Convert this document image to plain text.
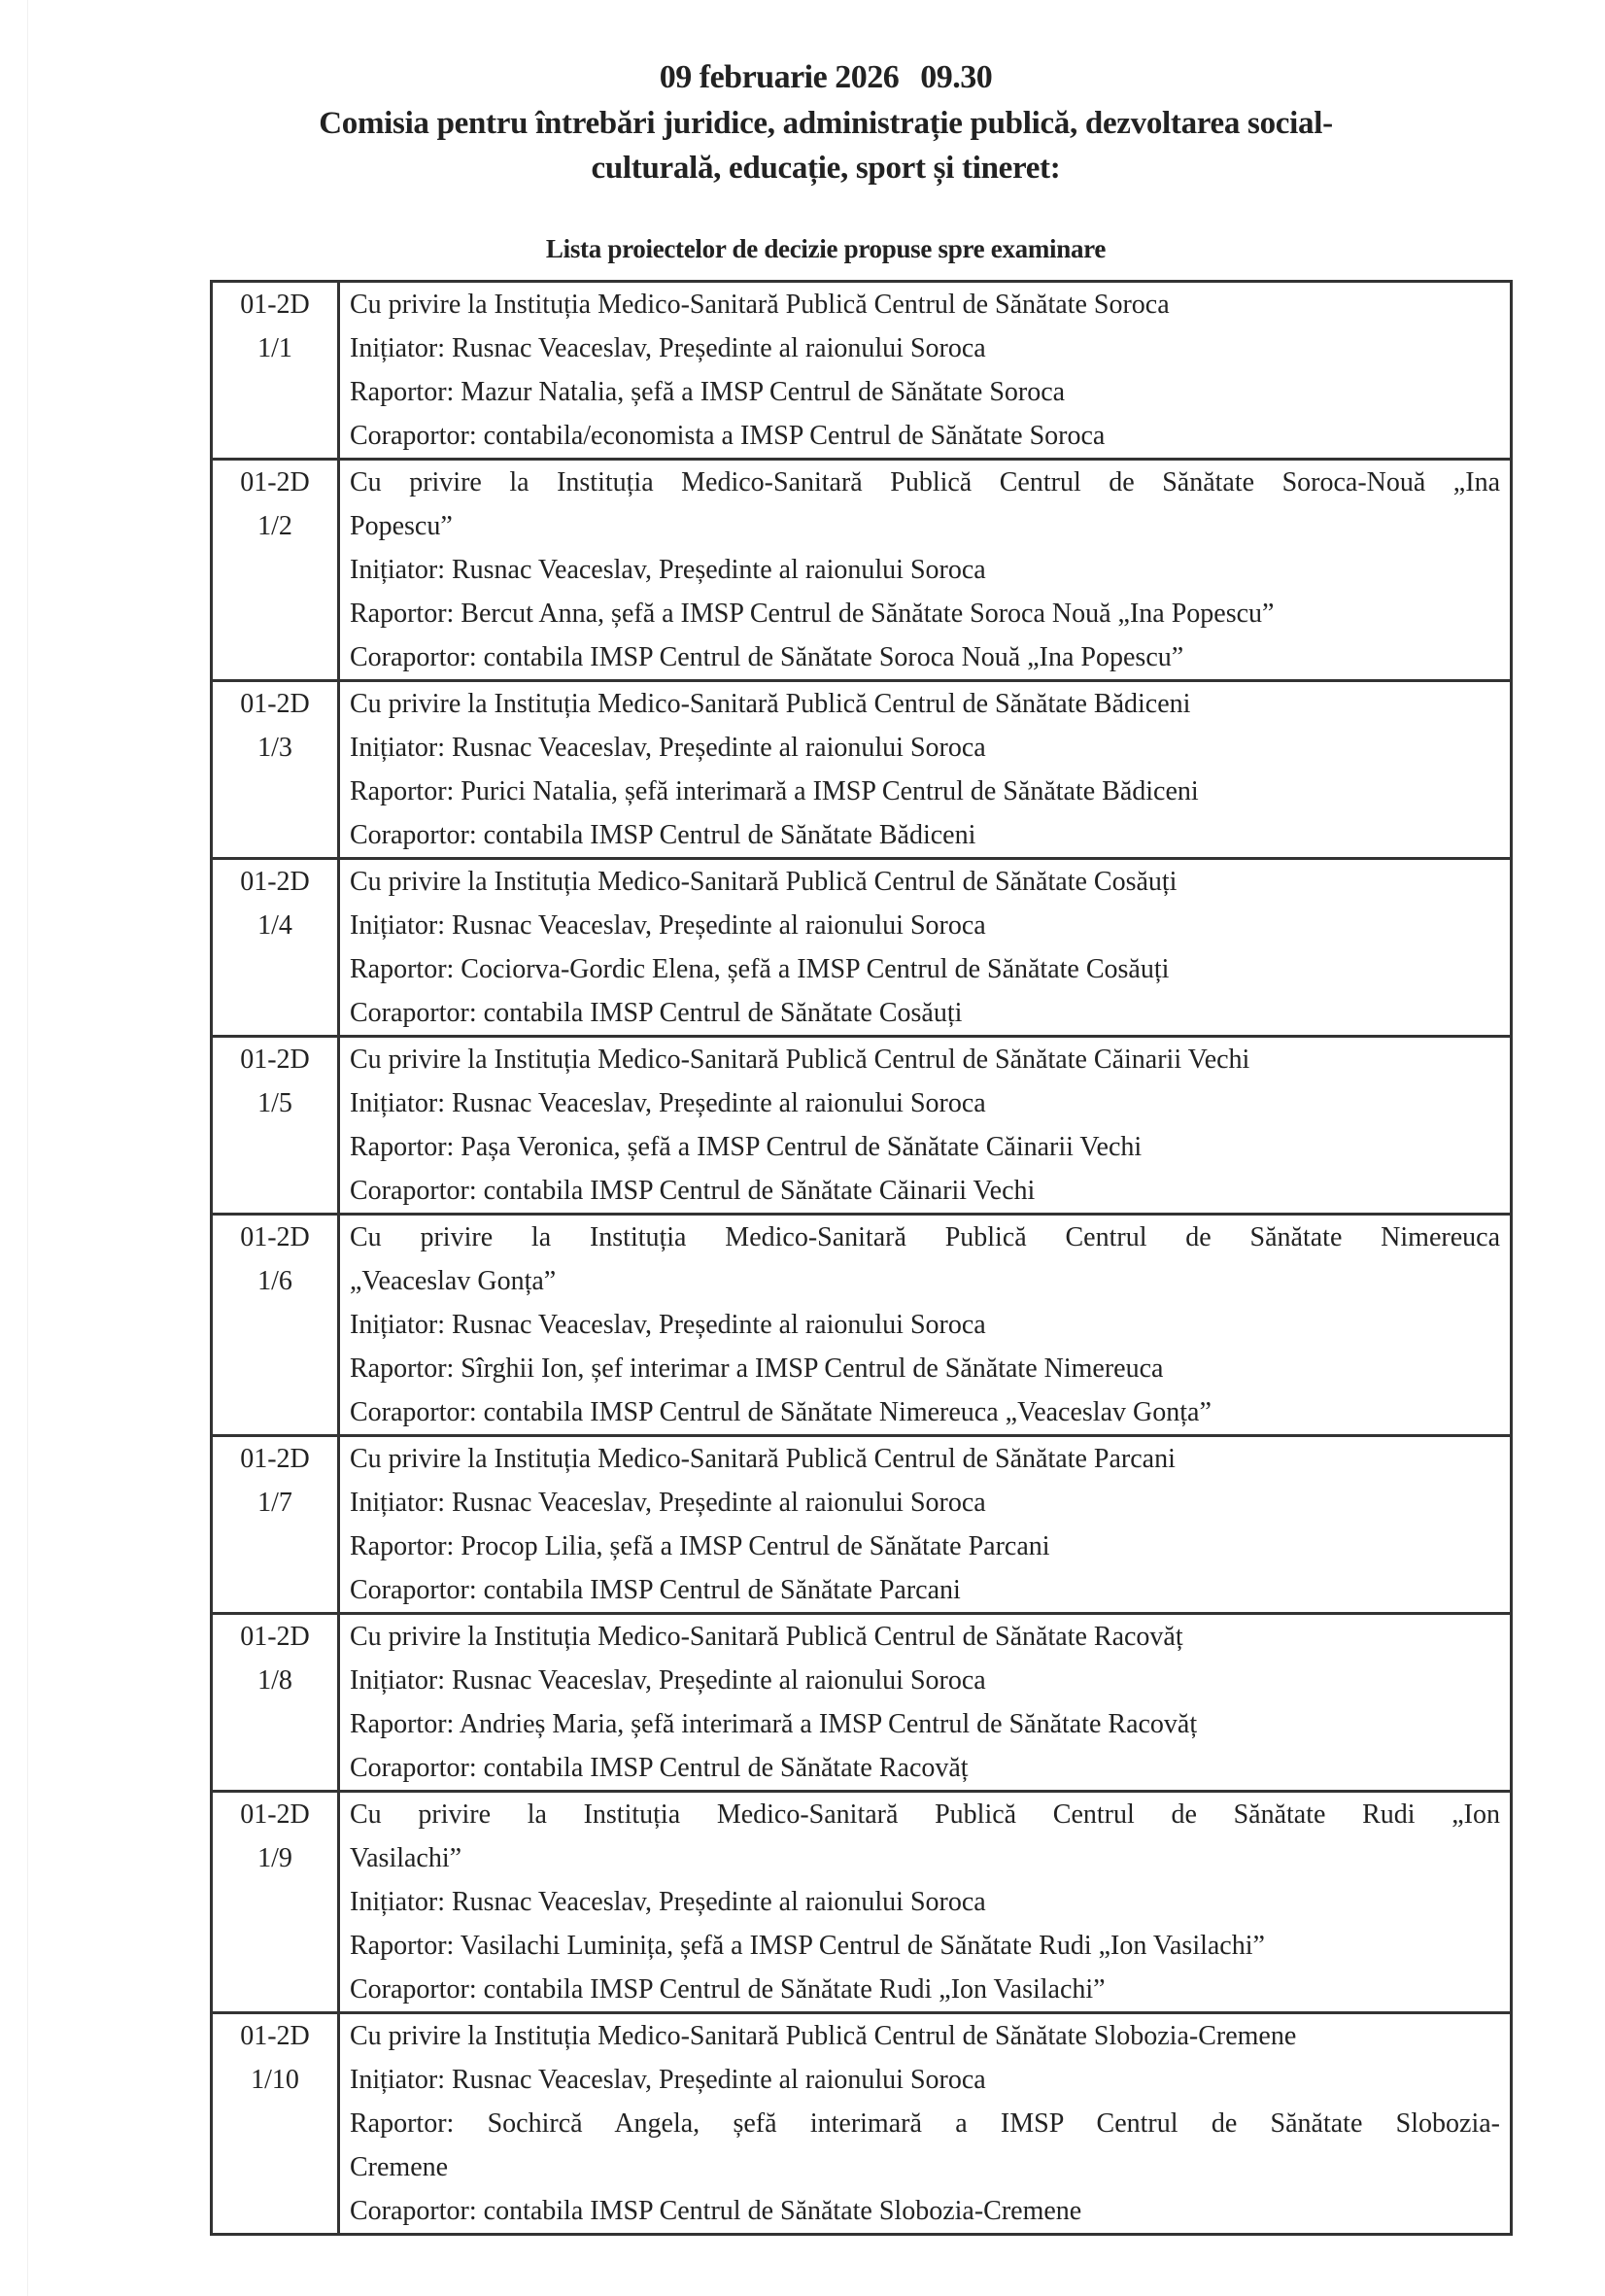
09 februarie 2026 09.30
Comisia pentru întrebări juridice, administrație publică, dezvoltarea social-
culturală, educație, sport și tineret:
Lista proiectelor de decizie propuse spre examinare
01-2D
1/1

Cu privire la Instituția Medico-Sanitară Publică Centrul de Sănătate Soroca
Inițiator: Rusnac Veaceslav, Președinte al raionului Soroca
Raportor: Mazur Natalia, șefă a IMSP Centrul de Sănătate Soroca
Coraportor: contabila/economista a IMSP Centrul de Sănătate Soroca

01-2D
1/2

Cu privire la Instituția Medico-Sanitară Publică Centrul de Sănătate Soroca-Nouă „Ina
Popescu”
Inițiator: Rusnac Veaceslav, Președinte al raionului Soroca
Raportor: Bercut Anna, șefă a IMSP Centrul de Sănătate Soroca Nouă „Ina Popescu”
Coraportor: contabila IMSP Centrul de Sănătate Soroca Nouă „Ina Popescu”

01-2D
1/3

Cu privire la Instituția Medico-Sanitară Publică Centrul de Sănătate Bădiceni
Inițiator: Rusnac Veaceslav, Președinte al raionului Soroca
Raportor: Purici Natalia, șefă interimară a IMSP Centrul de Sănătate Bădiceni
Coraportor: contabila IMSP Centrul de Sănătate Bădiceni

01-2D
1/4

Cu privire la Instituția Medico-Sanitară Publică Centrul de Sănătate Cosăuți
Inițiator: Rusnac Veaceslav, Președinte al raionului Soroca
Raportor: Cociorva-Gordic Elena, șefă a IMSP Centrul de Sănătate Cosăuți
Coraportor: contabila IMSP Centrul de Sănătate Cosăuți

01-2D
1/5

Cu privire la Instituția Medico-Sanitară Publică Centrul de Sănătate Căinarii Vechi
Inițiator: Rusnac Veaceslav, Președinte al raionului Soroca
Raportor: Pașa Veronica, șefă a IMSP Centrul de Sănătate Căinarii Vechi
Coraportor: contabila IMSP Centrul de Sănătate Căinarii Vechi

01-2D
1/6

Cu privire la Instituția Medico-Sanitară Publică Centrul de Sănătate Nimereuca
„Veaceslav Gonța”
Inițiator: Rusnac Veaceslav, Președinte al raionului Soroca
Raportor: Sîrghii Ion, șef interimar a IMSP Centrul de Sănătate Nimereuca
Coraportor: contabila IMSP Centrul de Sănătate Nimereuca „Veaceslav Gonța”

01-2D
1/7

Cu privire la Instituția Medico-Sanitară Publică Centrul de Sănătate Parcani
Inițiator: Rusnac Veaceslav, Președinte al raionului Soroca
Raportor: Procop Lilia, șefă a IMSP Centrul de Sănătate Parcani
Coraportor: contabila IMSP Centrul de Sănătate Parcani

01-2D
1/8

Cu privire la Instituția Medico-Sanitară Publică Centrul de Sănătate Racovăț
Inițiator: Rusnac Veaceslav, Președinte al raionului Soroca
Raportor: Andrieș Maria, șefă interimară a IMSP Centrul de Sănătate Racovăț
Coraportor: contabila IMSP Centrul de Sănătate Racovăț

01-2D
1/9

Cu privire la Instituția Medico-Sanitară Publică Centrul de Sănătate Rudi „Ion
Vasilachi”
Inițiator: Rusnac Veaceslav, Președinte al raionului Soroca
Raportor: Vasilachi Luminița, șefă a IMSP Centrul de Sănătate Rudi „Ion Vasilachi”
Coraportor: contabila IMSP Centrul de Sănătate Rudi „Ion Vasilachi”

01-2D
1/10

Cu privire la Instituția Medico-Sanitară Publică Centrul de Sănătate Slobozia-Cremene
Inițiator: Rusnac Veaceslav, Președinte al raionului Soroca
Raportor: Sochircă Angela, șefă interimară a IMSP Centrul de Sănătate Slobozia-
Cremene
Coraportor: contabila IMSP Centrul de Sănătate Slobozia-Cremene
